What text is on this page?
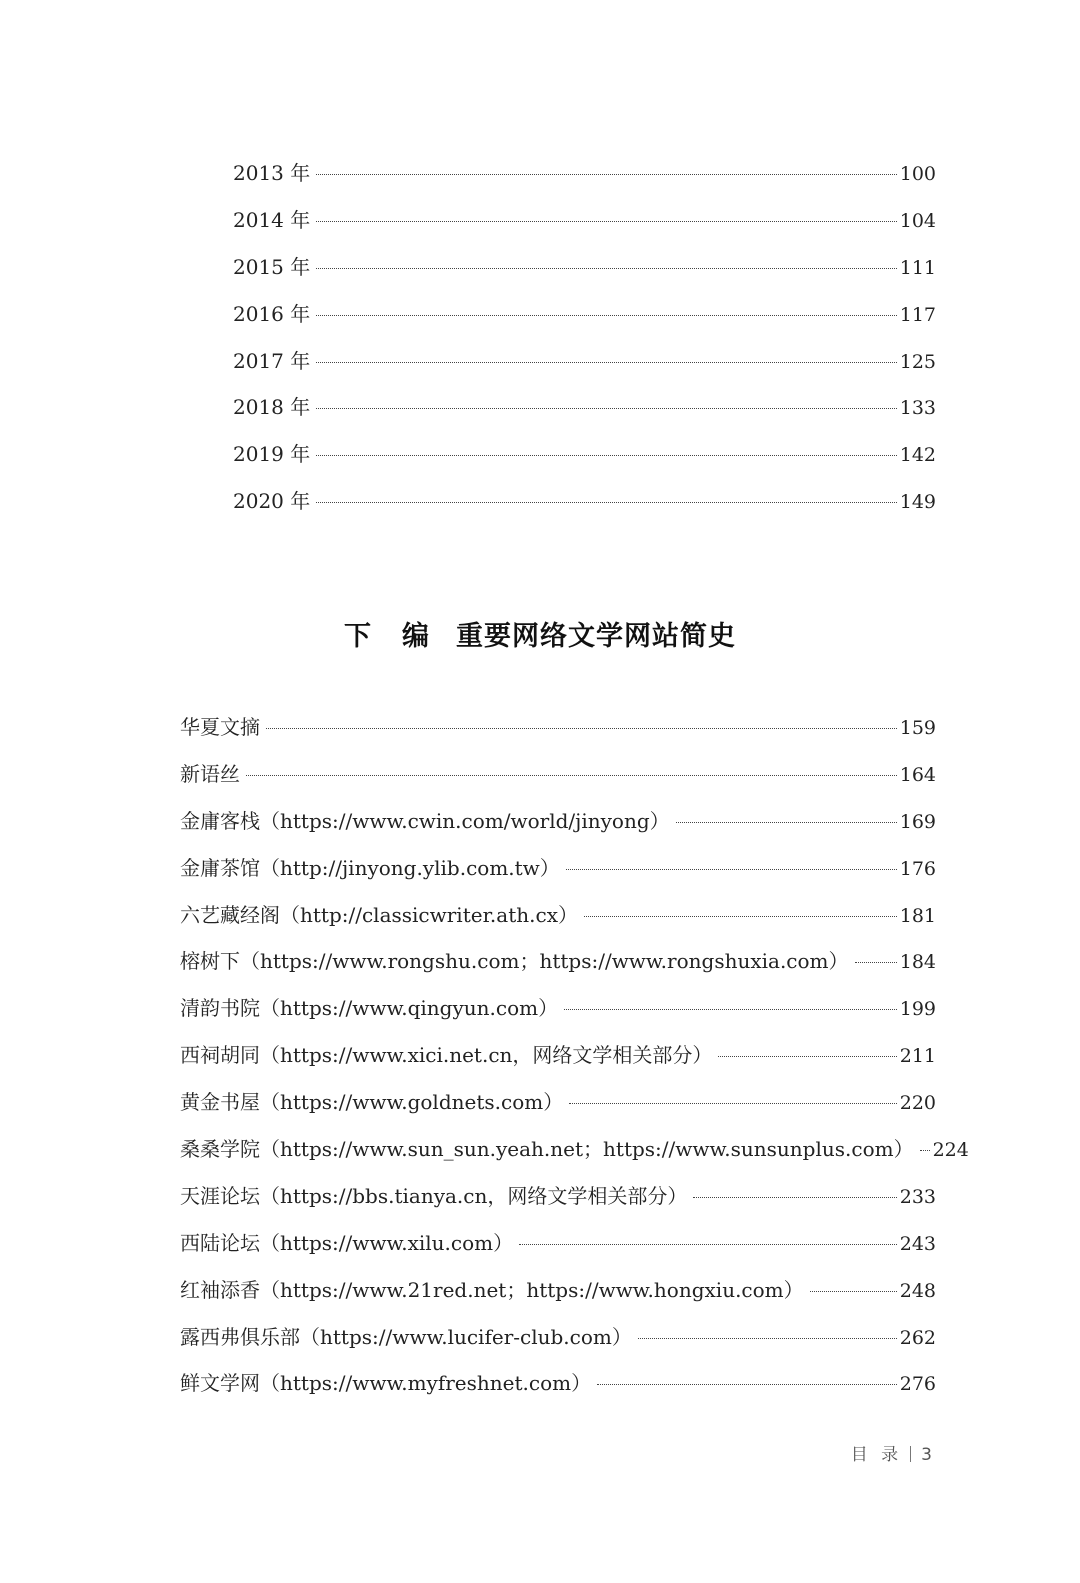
2013 年	100
2014 年	104
2015 年	111
2016 年	117
2017 年	125
2018 年	133
2019 年	142
2020 年	149
下 编 重要网络文学网站简史
华夏文摘	159
新语丝	164
金庸客栈（https://www.cwin.com/world/jinyong）	169
金庸茶馆（http://jinyong.ylib.com.tw）	176
六艺藏经阁（http://classicwriter.ath.cx）	181
榕树下（https://www.rongshu.com；https://www.rongshuxia.com）	184
清韵书院（https://www.qingyun.com）	199
西祠胡同（https://www.xici.net.cn，网络文学相关部分）	211
黄金书屋（https://www.goldnets.com）	220
桑桑学院（https://www.sun_sun.yeah.net；https://www.sunsunplus.com） 224
天涯论坛（https://bbs.tianya.cn，网络文学相关部分）	233
西陆论坛（https://www.xilu.com）	243
红袖添香（https://www.21red.net；https://www.hongxiu.com）	248
露西弗俱乐部（https://www.lucifer-club.com）	262
鲜文学网（https://www.myfreshnet.com）	276
目 录 3
